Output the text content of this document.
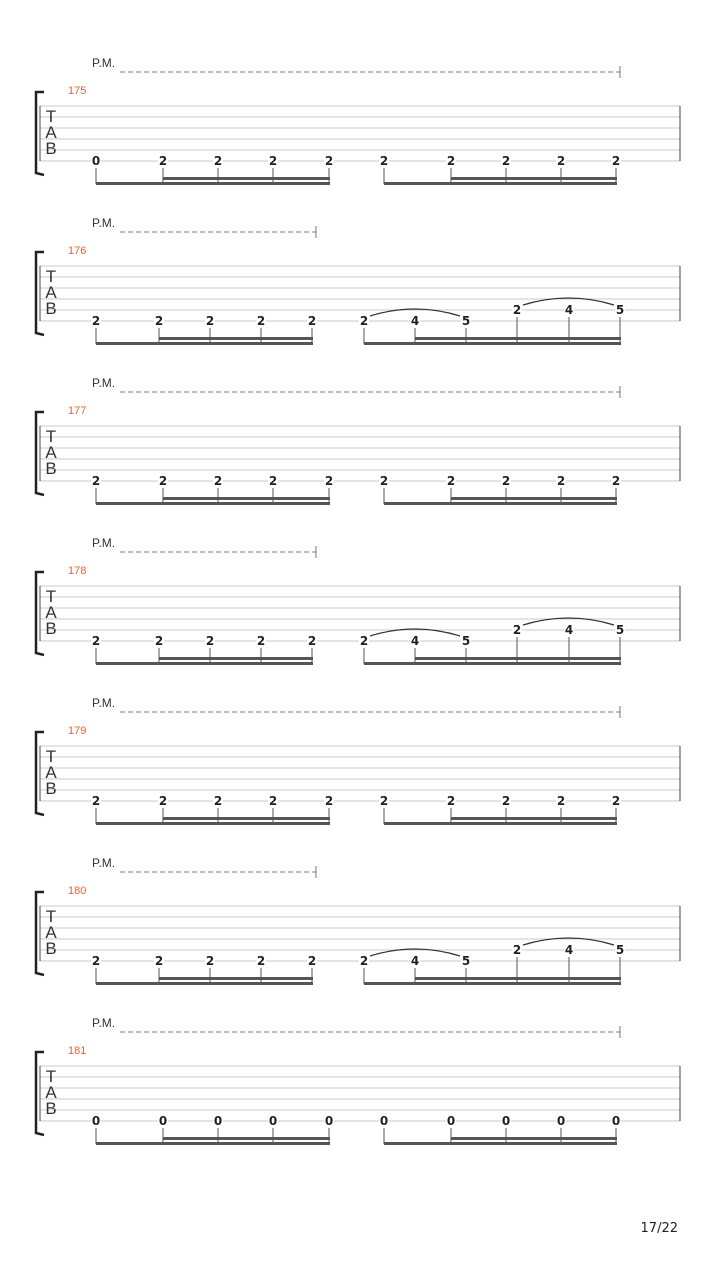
P.M.
175
T
A
B
0	2	2	2	2	2	2	2	2	2
P.M.
176
T
A
B
2	2	2	2	2	2	4	5
2	4	5
P.M.
177
T
A
B
2	2	2	2	2	2	2	2	2	2
P.M.
178
T
A
B
2	2	2	2	2	2	4	5
2	4	5
P.M.
179
T
A
B
2	2	2	2	2	2	2	2	2	2
P.M.
180
T
A
B
2	2	2	2	2	2	4	5
2	4	5
P.M.
181
T
A
B
0	0	0	0	0	0	0	0	0	0
17/22
